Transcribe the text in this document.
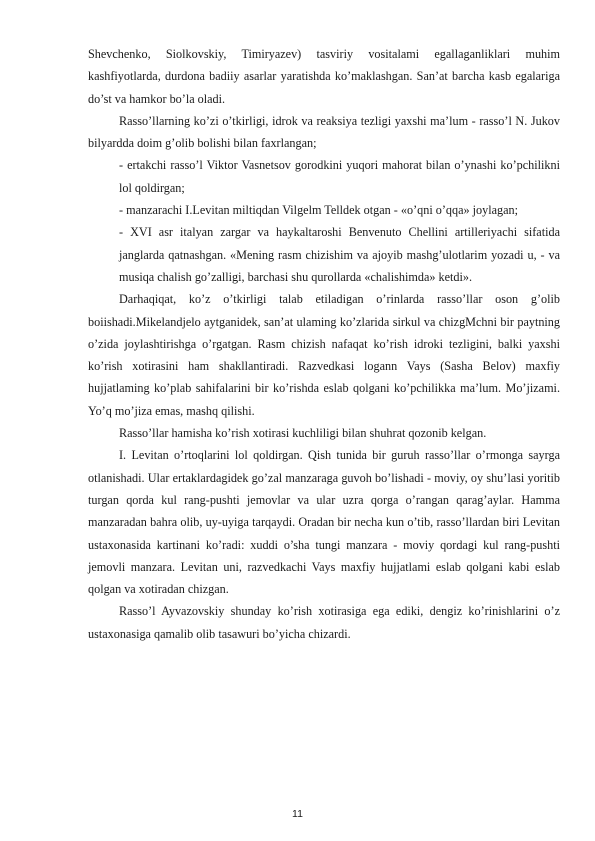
Shevchenko, Siolkovskiy, Timiryazev) tasviriy vositalami egallaganliklari muhim kashfiyotlarda, durdona badiiy asarlar yaratishda ko’maklashgan. San’at barcha kasb egalariga do’st va hamkor bo’la oladi.

Rasso’llarning ko’zi o’tkirligi, idrok va reaksiya tezligi yaxshi ma’lum - rasso’l N. Jukov bilyardda doim g’olib bolishi bilan faxrlangan;

- ertakchi rasso’l Viktor Vasnetsov gorodkini yuqori mahorat bilan o’ynashi ko’pchilikni lol qoldirgan;

- manzarachi I.Levitan miltiqdan Vilgelm Telldek otgan - «o’qni o’qqa» joylagan;

- XVI asr italyan zargar va haykaltaroshi Benvenuto Chellini artilleriyachi sifatida janglarda qatnashgan. «Mening rasm chizishim va ajoyib mashg’ulotlarim yozadi u, - va musiqa chalish go’zalligi, barchasi shu qurollarda «chalishimda» ketdi».

Darhaqiqat, ko’z o’tkirligi talab etiladigan o’rinlarda rasso’llar oson g’olib boiishadi.Mikelandjelo aytganidek, san’at ulaming ko’zlarida sirkul va chizgMchni bir paytning o’zida joylashtirishga o’rgatgan. Rasm chizish nafaqat ko’rish idroki tezligini, balki yaxshi ko’rish xotirasini ham shakllantiradi. Razvedkasi logann Vays (Sasha Belov) maxfiy hujjatlaming ko’plab sahifalarini bir ko’rishda eslab qolgani ko’pchilikka ma’lum. Mo’jizami. Yo’q mo’jiza emas, mashq qilishi.

Rasso’llar hamisha ko’rish xotirasi kuchliligi bilan shuhrat qozonib kelgan.

I. Levitan o’rtoqlarini lol qoldirgan. Qish tunida bir guruh rasso’llar o’rmonga sayrga otlanishadi. Ular ertaklardagidek go’zal manzaraga guvoh bo’lishadi - moviy, oy shu’lasi yoritib turgan qorda kul rang-pushti jemovlar va ular uzra qorga o’rangan qarag’aylar. Hamma manzaradan bahra olib, uy-uyiga tarqaydi. Oradan bir necha kun o’tib, rasso’llardan biri Levitan ustaxonasida kartinani ko’radi: xuddi o’sha tungi manzara - moviy qordagi kul rang-pushti jemovli manzara. Levitan uni, razvedkachi Vays maxfiy hujjatlami eslab qolgani kabi eslab qolgan va xotiradan chizgan.

Rasso’l Ayvazovskiy shunday ko’rish xotirasiga ega ediki, dengiz ko’rinishlarini o’z ustaxonasiga qamalib olib tasawuri bo’yicha chizardi.

11
